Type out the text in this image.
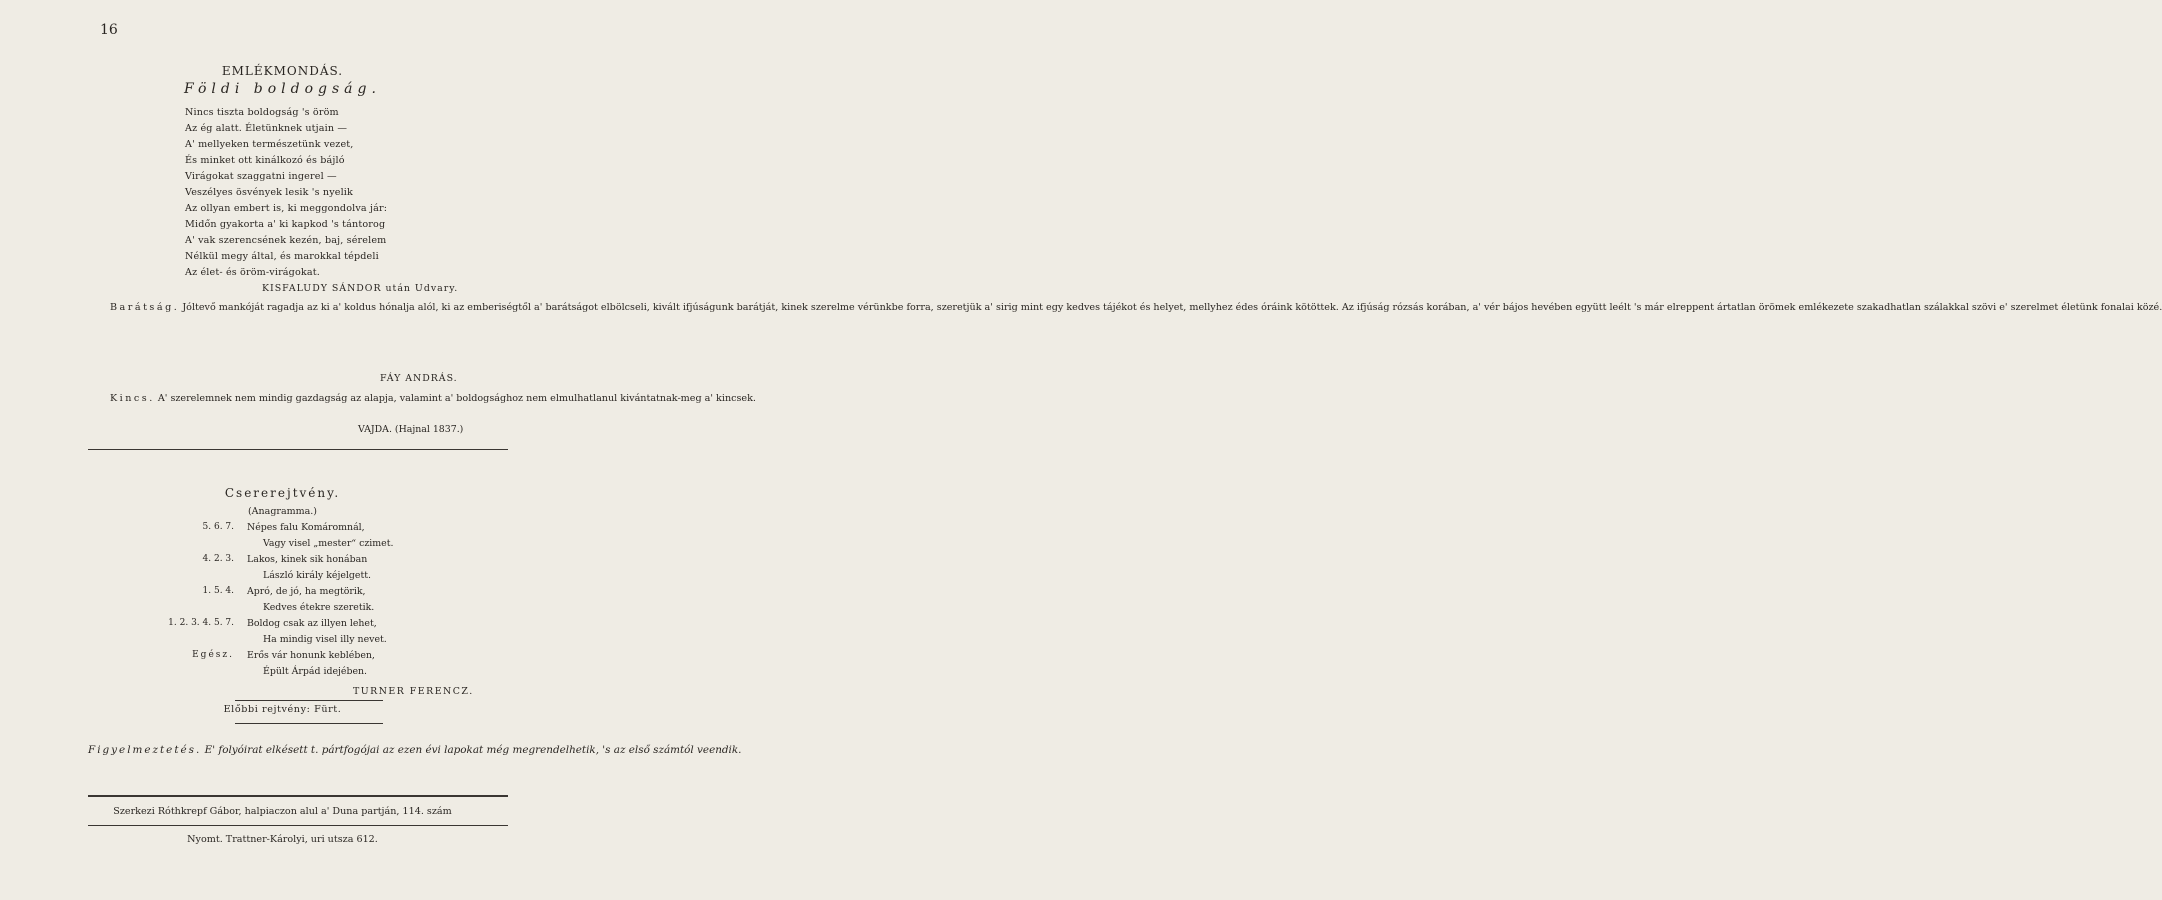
16
EMLÉKMONDÁS.
Földi boldogság.
Nincs tiszta boldogság 's öröm
Az ég alatt. Életünknek utjain —
A' mellyeken természetünk vezet,
És minket ott kinálkozó és bájló
Virágokat szaggatni ingerel —
Veszélyes ösvények lesik 's nyelik
Az ollyan embert is, ki meggondolva jár:
Midőn gyakorta a' ki kapkod 's tántorog
A' vak szerencsének kezén, baj, sérelem
Nélkül megy által, és marokkal tépdeli
Az élet- és öröm-virágokat.
KISFALUDY SÁNDOR után Udvary.

Barátság. Jóltevő mankóját ragadja az ki a' koldus hónalja alól, ki az emberiségtől a' barátságot elbölcseli, kivált ifjúságunk barátját, kinek szerelme vérünkbe forra, szeretjük a' sirig mint egy kedves tájékot és helyet, mellyhez édes óráink kötöttek. Az ifjúság rózsás korában, a' vér bájos hevében együtt leélt 's már elreppent ártatlan örömek emlékezete szakadhatlan szálakkal szövi e' szerelmet életünk fonalai közé.

FÁY ANDRÁS.

Kincs. A' szerelemnek nem mindig gazdagság az alapja, valamint a' boldogsághoz nem elmulhatlanul kivántatnak-meg a' kincsek.

VAJDA. (Hajnal 1837.)
Csererejtvény.
(Anagramma.)
5. 6. 7. Népes falu Komáromnál,
Vagy visel „mester“ czimet.
4. 2. 3. Lakos, kinek sik honában
László király kéjelgett.
1. 5. 4. Apró, de jó, ha megtörik,
Kedves étekre szeretik.
1. 2. 3. 4. 5. 7. Boldog csak az illyen lehet,
Ha mindig visel illy nevet.
Egész. Erős vár honunk keblében,
Épült Árpád idejében.
TURNER FERENCZ.
Előbbi rejtvény: Fürt.
Figyelmeztetés. E' folyóirat elkésett t. pártfogójai az ezen évi lapokat még megrendelhetik, 's az első számtól veendik.
Szerkezi Róthkrepf Gábor, halpiaczon alul a' Duna partján, 114. szám
Nyomt. Trattner-Károlyi, uri utsza 612.
